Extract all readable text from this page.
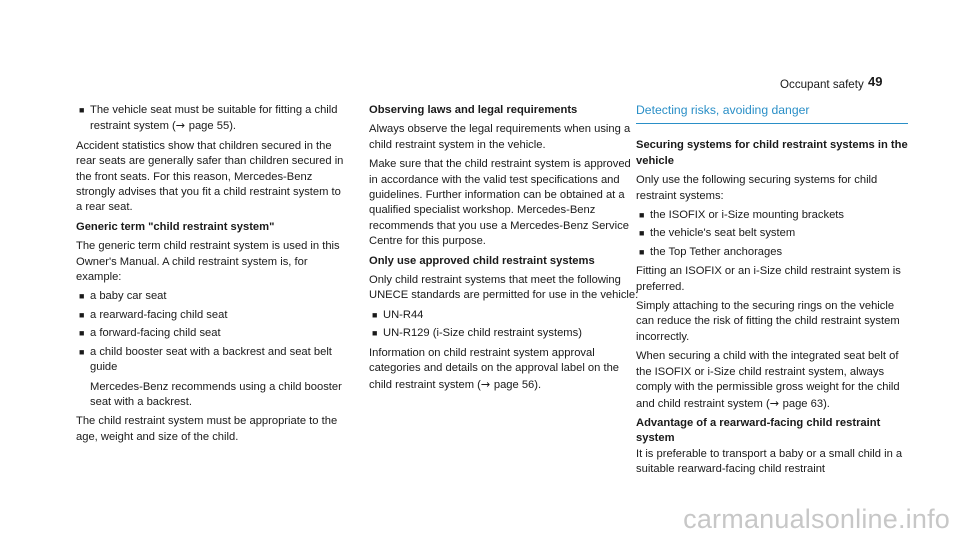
Occupant safety 49
■ The vehicle seat must be suitable for fitting a child restraint system (→ page 55).

Accident statistics show that children secured in the rear seats are generally safer than children secured in the front seats. For this reason, Mercedes-Benz strongly advises that you fit a child restraint system to a rear seat.

Generic term "child restraint system"

The generic term child restraint system is used in this Owner's Manual. A child restraint system is, for example:

■ a baby car seat
■ a rearward-facing child seat
■ a forward-facing child seat
■ a child booster seat with a backrest and seat belt guide

Mercedes-Benz recommends using a child booster seat with a backrest.

The child restraint system must be appropriate to the age, weight and size of the child.

Observing laws and legal requirements

Always observe the legal requirements when using a child restraint system in the vehicle.

Make sure that the child restraint system is approved in accordance with the valid test specifications and guidelines. Further information can be obtained at a qualified specialist workshop. Mercedes-Benz recommends that you use a Mercedes-Benz Service Centre for this purpose.

Only use approved child restraint systems

Only child restraint systems that meet the following UNECE standards are permitted for use in the vehicle:

■ UN-R44
■ UN-R129 (i-Size child restraint systems)

Information on child restraint system approval categories and details on the approval label on the child restraint system (→ page 56).

Detecting risks, avoiding danger

Securing systems for child restraint systems in the vehicle

Only use the following securing systems for child restraint systems:

■ the ISOFIX or i-Size mounting brackets
■ the vehicle's seat belt system
■ the Top Tether anchorages

Fitting an ISOFIX or an i-Size child restraint system is preferred.

Simply attaching to the securing rings on the vehicle can reduce the risk of fitting the child restraint system incorrectly.

When securing a child with the integrated seat belt of the ISOFIX or i-Size child restraint system, always comply with the permissible gross weight for the child and child restraint system (→ page 63).

Advantage of a rearward-facing child restraint system

It is preferable to transport a baby or a small child in a suitable rearward-facing child restraint

carmanualsonline.info
